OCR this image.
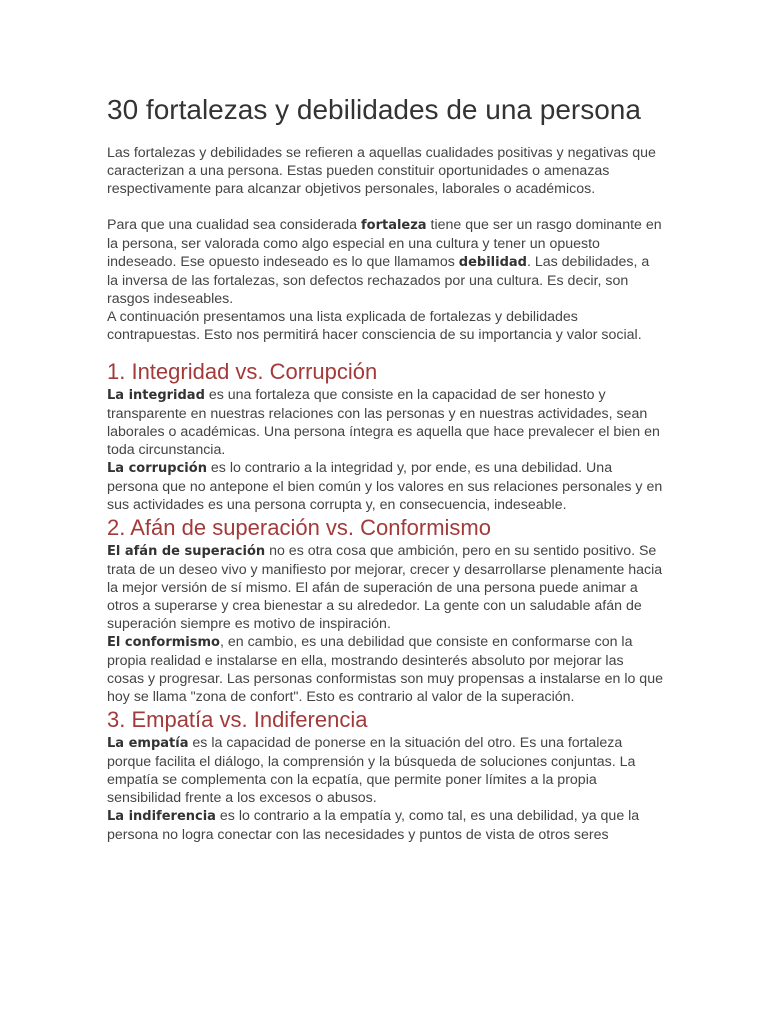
30 fortalezas y debilidades de una persona

Las fortalezas y debilidades se refieren a aquellas cualidades positivas y negativas que caracterizan a una persona. Estas pueden constituir oportunidades o amenazas respectivamente para alcanzar objetivos personales, laborales o académicos.

Para que una cualidad sea considerada fortaleza tiene que ser un rasgo dominante en la persona, ser valorada como algo especial en una cultura y tener un opuesto indeseado. Ese opuesto indeseado es lo que llamamos debilidad. Las debilidades, a la inversa de las fortalezas, son defectos rechazados por una cultura. Es decir, son rasgos indeseables.

A continuación presentamos una lista explicada de fortalezas y debilidades contrapuestas. Esto nos permitirá hacer consciencia de su importancia y valor social.

1. Integridad vs. Corrupción

La integridad es una fortaleza que consiste en la capacidad de ser honesto y transparente en nuestras relaciones con las personas y en nuestras actividades, sean laborales o académicas. Una persona íntegra es aquella que hace prevalecer el bien en toda circunstancia.

La corrupción es lo contrario a la integridad y, por ende, es una debilidad. Una persona que no antepone el bien común y los valores en sus relaciones personales y en sus actividades es una persona corrupta y, en consecuencia, indeseable.

2. Afán de superación vs. Conformismo

El afán de superación no es otra cosa que ambición, pero en su sentido positivo. Se trata de un deseo vivo y manifiesto por mejorar, crecer y desarrollarse plenamente hacia la mejor versión de sí mismo. El afán de superación de una persona puede animar a otros a superarse y crea bienestar a su alrededor. La gente con un saludable afán de superación siempre es motivo de inspiración.

El conformismo, en cambio, es una debilidad que consiste en conformarse con la propia realidad e instalarse en ella, mostrando desinterés absoluto por mejorar las cosas y progresar. Las personas conformistas son muy propensas a instalarse en lo que hoy se llama "zona de confort". Esto es contrario al valor de la superación.

3. Empatía vs. Indiferencia

La empatía es la capacidad de ponerse en la situación del otro. Es una fortaleza porque facilita el diálogo, la comprensión y la búsqueda de soluciones conjuntas. La empatía se complementa con la ecpatía, que permite poner límites a la propia sensibilidad frente a los excesos o abusos.

La indiferencia es lo contrario a la empatía y, como tal, es una debilidad, ya que la persona no logra conectar con las necesidades y puntos de vista de otros seres
